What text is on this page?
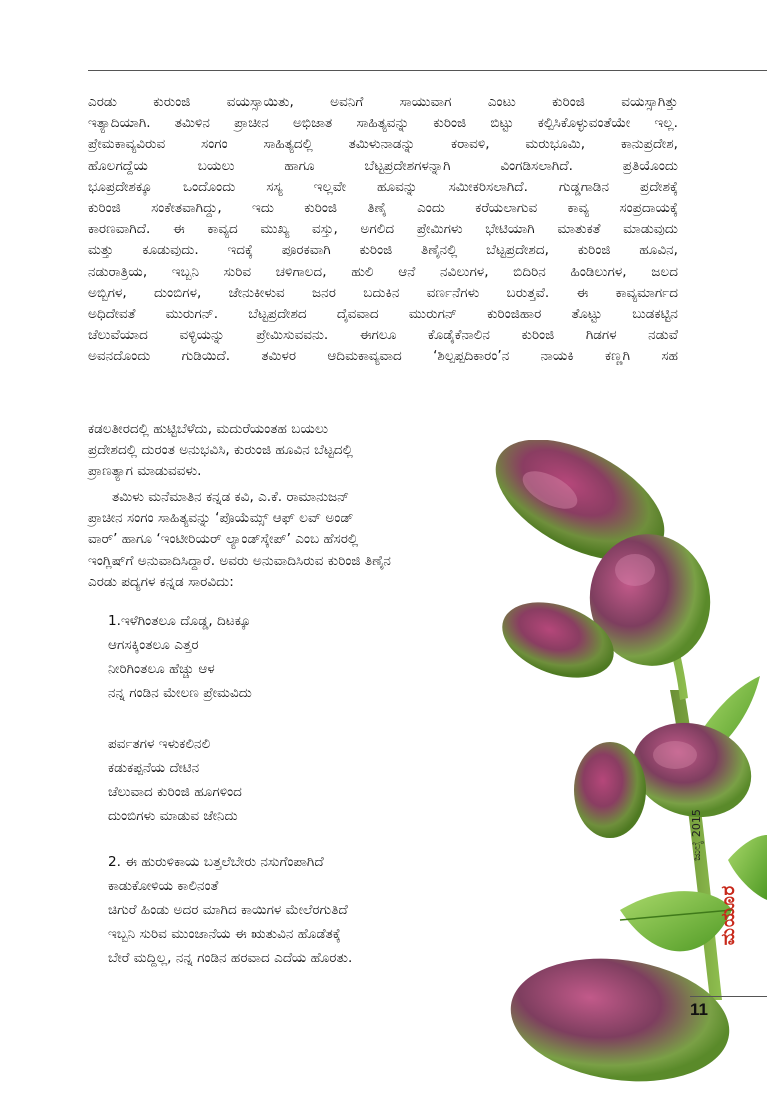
ಎರಡು ಕುರುಂಜಿ ವಯಸ್ಸಾಯಿತು, ಅವನಿಗೆ ಸಾಯುವಾಗ ಎಂಟು ಕುರಿಂಜಿ ವಯಸ್ಸಾಗಿತ್ತು
ಇತ್ಯಾದಿಯಾಗಿ. ತಮಿಳಿನ ಪ್ರಾಚೀನ ಅಭಿಜಾತ ಸಾಹಿತ್ಯವನ್ನು ಕುರಿಂಜಿ ಬಿಟ್ಟು ಕಲ್ಪಿಸಿಕೊಳ್ಳುವಂತೆಯೇ ಇಲ್ಲ.
ಪ್ರೇಮಕಾವ್ಯವಿರುವ ಸಂಗಂ ಸಾಹಿತ್ಯದಲ್ಲಿ ತಮಿಳುನಾಡನ್ನು ಕರಾವಳಿ, ಮರುಭೂಮಿ, ಕಾನುಪ್ರದೇಶ,
ಹೊಲಗದ್ದೆಯ ಬಯಲು ಹಾಗೂ ಬೆಟ್ಟಪ್ರದೇಶಗಳನ್ನಾಗಿ ವಿಂಗಡಿಸಲಾಗಿದೆ. ಪ್ರತಿಯೊಂದು
ಭೂಪ್ರದೇಶಕ್ಕೂ ಒಂದೊಂದು ಸಸ್ಯ ಇಲ್ಲವೇ ಹೂವನ್ನು ಸಮೀಕರಿಸಲಾಗಿದೆ. ಗುಡ್ಡಗಾಡಿನ ಪ್ರದೇಶಕ್ಕೆ
ಕುರಿಂಜಿ ಸಂಕೇತವಾಗಿದ್ದು, ಇದು ಕುರಿಂಜಿ ತಿಣೈ ಎಂದು ಕರೆಯಲಾಗುವ ಕಾವ್ಯ ಸಂಪ್ರದಾಯಕ್ಕೆ
ಕಾರಣವಾಗಿದೆ. ಈ ಕಾವ್ಯದ ಮುಖ್ಯ ವಸ್ತು, ಅಗಲಿದ ಪ್ರೇಮಿಗಳು ಭೇಟಿಯಾಗಿ ಮಾತುಕತೆ ಮಾಡುವುದು
ಮತ್ತು ಕೂಡುವುದು. ಇದಕ್ಕೆ ಪೂರಕವಾಗಿ ಕುರಿಂಜಿ ತಿಣೈನಲ್ಲಿ ಬೆಟ್ಟಪ್ರದೇಶದ, ಕುರಿಂಜಿ ಹೂವಿನ,
ನಡುರಾತ್ರಿಯ, ಇಬ್ಬನಿ ಸುರಿವ ಚಳಿಗಾಲದ, ಹುಲಿ ಆನೆ ನವಿಲುಗಳ, ಬಿದಿರಿನ ಹಿಂಡಿಲುಗಳ, ಜಲದ
ಅಬ್ಬಿಗಳ, ದುಂಬಿಗಳ, ಜೇನುಕೀಳುವ ಜನರ ಬದುಕಿನ ವರ್ಣನೆಗಳು ಬರುತ್ತವೆ. ಈ ಕಾವ್ಯಮಾರ್ಗದ
ಅಧಿದೇವತೆ ಮುರುಗನ್. ಬೆಟ್ಟಪ್ರದೇಶದ ದೈವವಾದ ಮುರುಗನ್ ಕುರಿಂಜಿಹಾರ ತೊಟ್ಟು ಬುಡಕಟ್ಟಿನ
ಚೆಲುವೆಯಾದ ವಳ್ಳಿಯನ್ನು ಪ್ರೇಮಿಸುವವನು. ಈಗಲೂ ಕೊಡೈಕೆನಾಲಿನ ಕುರಿಂಜಿ ಗಿಡಗಳ ನಡುವೆ
ಅವನದೊಂದು ಗುಡಿಯಿದೆ. ತಮಿಳರ ಆದಿಮಕಾವ್ಯವಾದ ‘ಶಿಲ್ಪಪ್ಪದಿಕಾರಂ’ನ ನಾಯಕಿ ಕಣ್ಣಗಿ ಸಹ
ಕಡಲತೀರದಲ್ಲಿ ಹುಟ್ಟಿಬೆಳೆದು, ಮದುರೆಯಂತಹ ಬಯಲು
ಪ್ರದೇಶದಲ್ಲಿ ದುರಂತ ಅನುಭವಿಸಿ, ಕುರುಂಜಿ ಹೂವಿನ ಬೆಟ್ಟದಲ್ಲಿ
ಪ್ರಾಣತ್ಯಾಗ ಮಾಡುವವಳು.
ತಮಿಳು ಮನೆಮಾತಿನ ಕನ್ನಡ ಕವಿ, ಎ.ಕೆ. ರಾಮಾನುಜನ್
ಪ್ರಾಚೀನ ಸಂಗಂ ಸಾಹಿತ್ಯವನ್ನು ‘ಪೊಯೆಮ್ಸ್ ಆಫ್ ಲವ್ ಅಂಡ್
ವಾರ್’ ಹಾಗೂ ‘ಇಂಟೀರಿಯರ್ ಲ್ಯಾಂಡ್‌ಸ್ಕೇಪ್’ ಎಂಬ ಹೆಸರಲ್ಲಿ
ಇಂಗ್ಲಿಷ್‌ಗೆ ಅನುವಾದಿಸಿದ್ದಾರೆ. ಅವರು ಅನುವಾದಿಸಿರುವ ಕುರಿಂಜಿ ತಿಣೈನ
ಎರಡು ಪದ್ಯಗಳ ಕನ್ನಡ ಸಾರವಿದು:
1.ಇಳೆಗಿಂತಲೂ ದೊಡ್ಡ, ದಿಟಕ್ಕೂ
ಆಗಸಕ್ಕಿಂತಲೂ ಎತ್ತರ
ನೀರಿಗಿಂತಲೂ ಹೆಚ್ಚು ಆಳ
ನನ್ನ ಗಂಡಿನ ಮೇಲಣ ಪ್ರೇಮವಿದು
ಪರ್ವತಗಳ ಇಳುಕಲಿನಲಿ
ಕಡುಕಪ್ಪನೆಯ ದೇಟಿನ
ಚೆಲುವಾದ ಕುರಿಂಜಿ ಹೂಗಳಿಂದ
ದುಂಬಿಗಳು ಮಾಡುವ ಜೇನಿದು
2. ಈ ಹುರುಳಿಕಾಯ ಬತ್ತಲೆಬೇರು ನಸುಗೆಂಪಾಗಿದೆ
ಕಾಡುಕೋಳಿಯ ಕಾಲಿನಂತೆ
ಚಿಗುರೆ ಹಿಂಡು ಅದರ ಮಾಗಿದ ಕಾಯಿಗಳ ಮೇಲೆರಗುತಿದೆ
ಇಬ್ಬನಿ ಸುರಿವ ಮುಂಜಾನೆಯ ಈ ಋತುವಿನ ಹೊಡೆತಕ್ಕೆ
ಬೇರೆ ಮದ್ದಿಲ್ಲ, ನನ್ನ ಗಂಡಿನ ಹರವಾದ ಎದೆಯ ಹೊರತು.
ಜುಲೈ 2015
ಮಯೂರ
11
